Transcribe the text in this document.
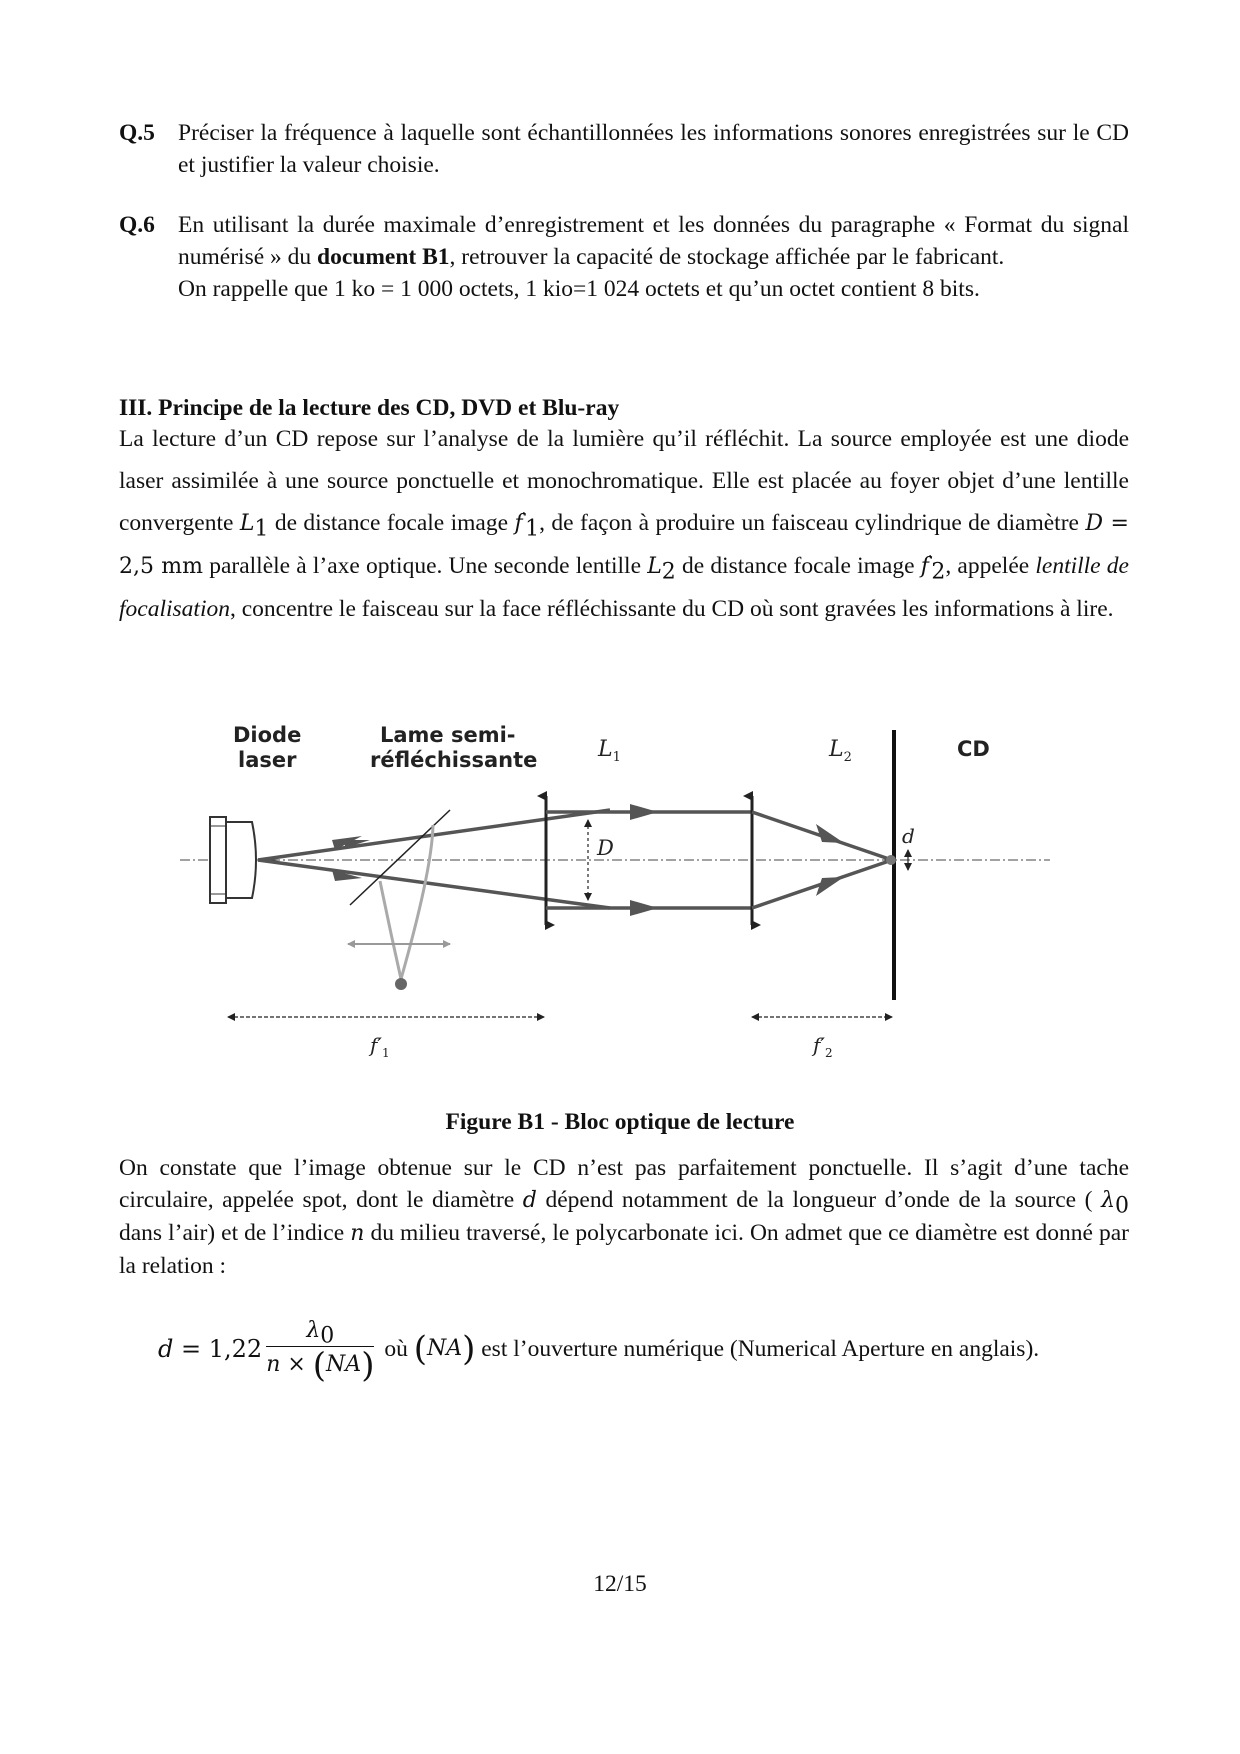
Q.5 Préciser la fréquence à laquelle sont échantillonnées les informations sonores enregistrées sur le CD et justifier la valeur choisie.

Q.6 En utilisant la durée maximale d’enregistrement et les données du paragraphe « Format du signal numérisé » du document B1, retrouver la capacité de stockage affichée par le fabricant.

On rappelle que 1 ko = 1 000 octets, 1 kio=1 024 octets et qu’un octet contient 8 bits.

III. Principe de la lecture des CD, DVD et Blu-ray

La lecture d’un CD repose sur l’analyse de la lumière qu’il réfléchit. La source employée est une diode laser assimilée à une source ponctuelle et monochromatique. Elle est placée au foyer objet d’une lentille convergente $L_1$ de distance focale image $f'_1$, de façon à produire un faisceau cylindrique de diamètre D = 2,5 mm parallèle à l’axe optique. Une seconde lentille $L_2$ de distance focale image $f'_2$, appelée lentille de focalisation, concentre le faisceau sur la face réfléchissante du CD où sont gravées les informations à lire.

Diode
laser
Lame semi-
réfléchissante	$L_1$	$L_2$	CD
D	d
$f'_1$	$f'_2$
Figure B1 - Bloc optique de lecture

On constate que l’image obtenue sur le CD n’est pas parfaitement ponctuelle. Il s’agit d’une tache circulaire, appelée spot, dont le diamètre d dépend notamment de la longueur d’onde de la source ( $\lambda_0$ dans l’air) et de l’indice n du milieu traversé, le polycarbonate ici. On admet que ce diamètre est donné par la relation :

$d = 1,22 \frac{\lambda_0}{n \times (NA)}$ où (NA) est l’ouverture numérique (Numerical Aperture en anglais).
12/15
